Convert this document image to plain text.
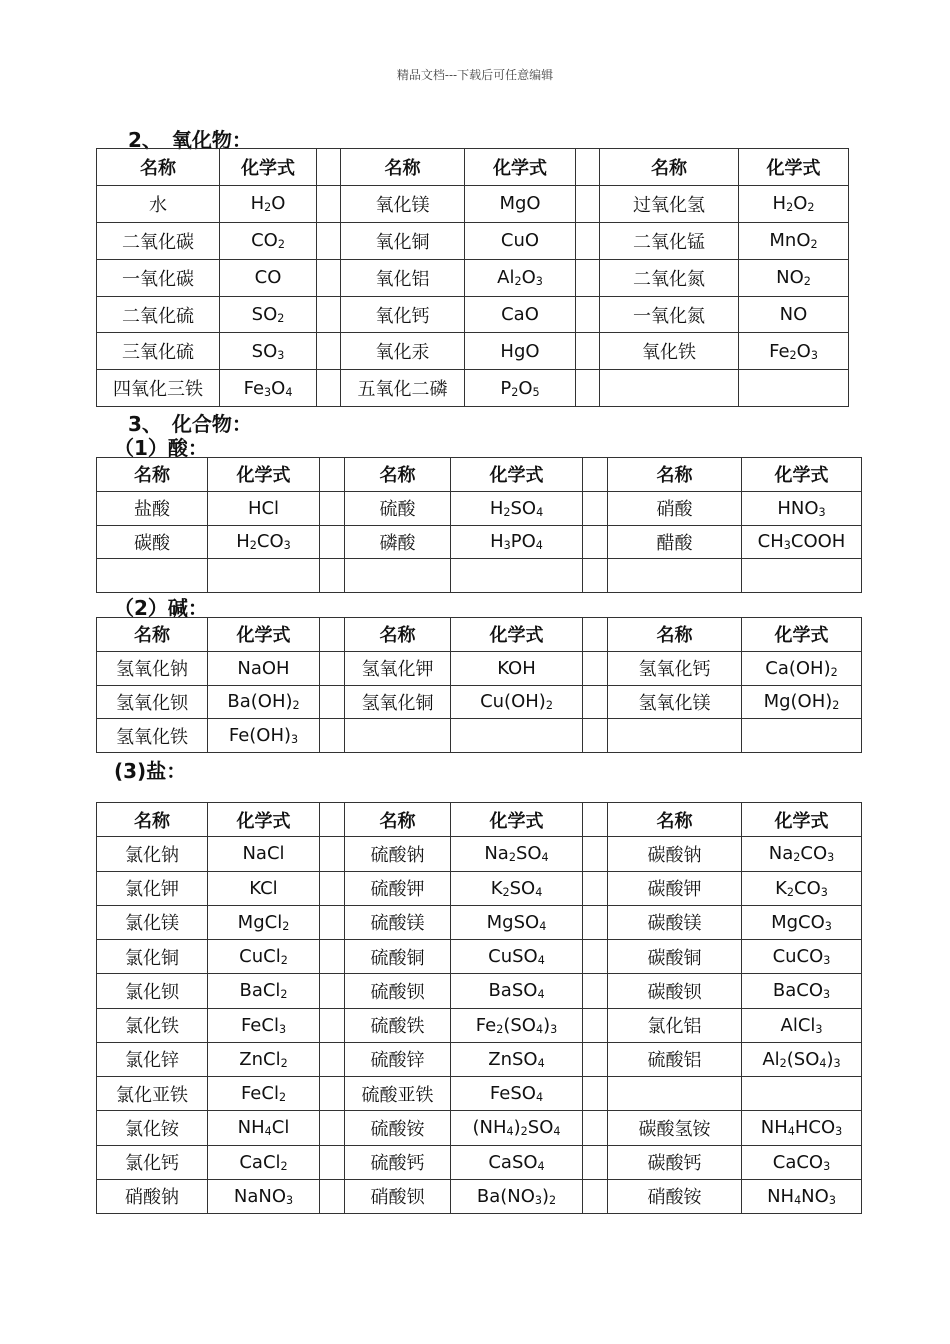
精品文档---下载后可任意编辑
2、　氧化物：
名称	化学式		名称	化学式		名称	化学式
水	$H_2O$		氧化镁	MgO		过氧化氢	$H_2O_2$
二氧化碳	$CO_2$		氧化铜	CuO		二氧化锰	MnO$_2$
一氧化碳	CO		氧化铝	$Al_2O_3$		二氧化氮	$NO_2$
二氧化硫	$SO_2$		氧化钙	CaO		一氧化氮	NO
三氧化硫	$SO_3$		氧化汞	HgO		氧化铁	$Fe_2O_3$
四氧化三铁	$Fe_3O_4$		五氧化二磷	$P_2O_5$			
3、　化合物：
（1）酸：
名称	化学式		名称	化学式		名称	化学式
盐酸	HCl		硫酸	$H_2SO_4$		硝酸	$HNO_3$
碳酸	$H_2CO_3$		磷酸	$H_3PO_4$		醋酸	$CH_3COOH$

（2）碱：
名称	化学式		名称	化学式		名称	化学式
氢氧化钠	NaOH		氢氧化钾	KOH		氢氧化钙	$Ca(OH)_2$
氢氧化钡	$Ba(OH)_2$		氢氧化铜	$Cu(OH)_2$		氢氧化镁	$Mg(OH)_2$
氢氧化铁	$Fe(OH)_3$						
(3)盐：
名称	化学式		名称	化学式		名称	化学式
氯化钠	NaCl		硫酸钠	$Na_2SO_4$		碳酸钠	$Na_2CO_3$
氯化钾	KCl		硫酸钾	$K_2SO_4$		碳酸钾	$K_2CO_3$
氯化镁	MgCl$_2$		硫酸镁	MgSO$_4$		碳酸镁	MgCO$_3$
氯化铜	CuCl$_2$		硫酸铜	CuSO$_4$		碳酸铜	CuCO$_3$
氯化钡	BaCl$_2$		硫酸钡	BaSO$_4$		碳酸钡	BaCO$_3$
氯化铁	FeCl$_3$		硫酸铁	$Fe_2(SO_4)_3$		氯化铝	AlCl$_3$
氯化锌	ZnCl$_2$		硫酸锌	ZnSO$_4$		硫酸铝	$Al_2(SO_4)_3$
氯化亚铁	FeCl$_2$		硫酸亚铁	FeSO$_4$			
氯化铵	$NH_4Cl$		硫酸铵	$(NH_4)_2SO_4$		碳酸氢铵	$NH_4HCO_3$
氯化钙	CaCl$_2$		硫酸钙	CaSO$_4$		碳酸钙	CaCO$_3$
硝酸钠	NaNO$_3$		硝酸钡	$Ba(NO_3)_2$		硝酸铵	$NH_4NO_3$
